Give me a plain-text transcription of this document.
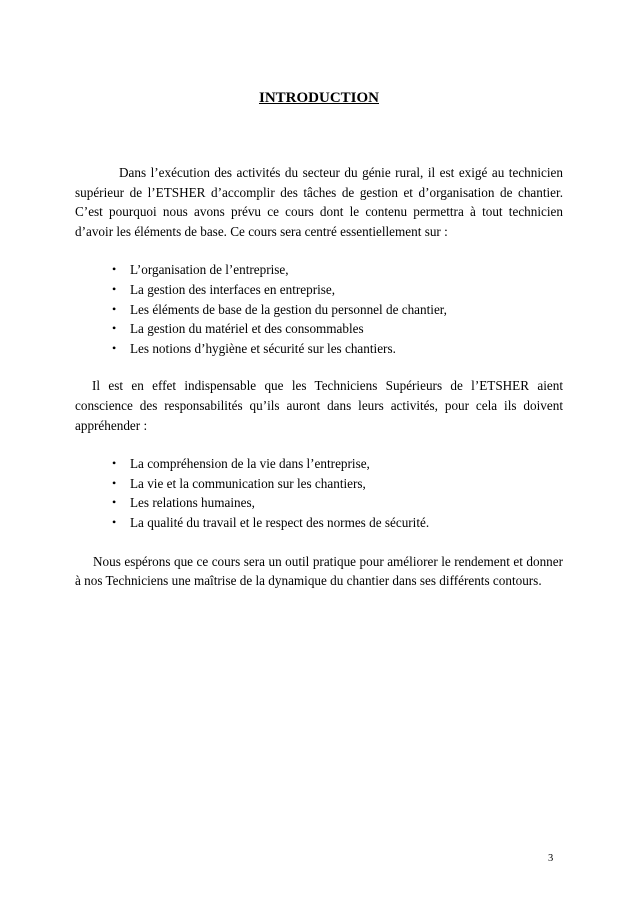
INTRODUCTION

Dans l’exécution des activités du secteur du génie rural, il est exigé au technicien supérieur de l’ETSHER d’accomplir des tâches de gestion et d’organisation de chantier. C’est pourquoi nous avons prévu ce cours dont le contenu permettra à tout technicien d’avoir les éléments de base. Ce cours sera centré essentiellement sur :

• L’organisation de l’entreprise,
• La gestion des interfaces en entreprise,
• Les éléments de base de la gestion du personnel de chantier,
• La gestion du matériel et des consommables
• Les notions d’hygiène et sécurité sur les chantiers.

Il est en effet indispensable que les Techniciens Supérieurs de l’ETSHER aient conscience des responsabilités qu’ils auront dans leurs activités, pour cela ils doivent appréhender :

• La compréhension de la vie dans l’entreprise,
• La vie et la communication sur les chantiers,
• Les relations humaines,
• La qualité du travail et le respect des normes de sécurité.

Nous espérons que ce cours sera un outil pratique pour améliorer le rendement et donner à nos Techniciens une maîtrise de la dynamique du chantier dans ses différents contours.

3
